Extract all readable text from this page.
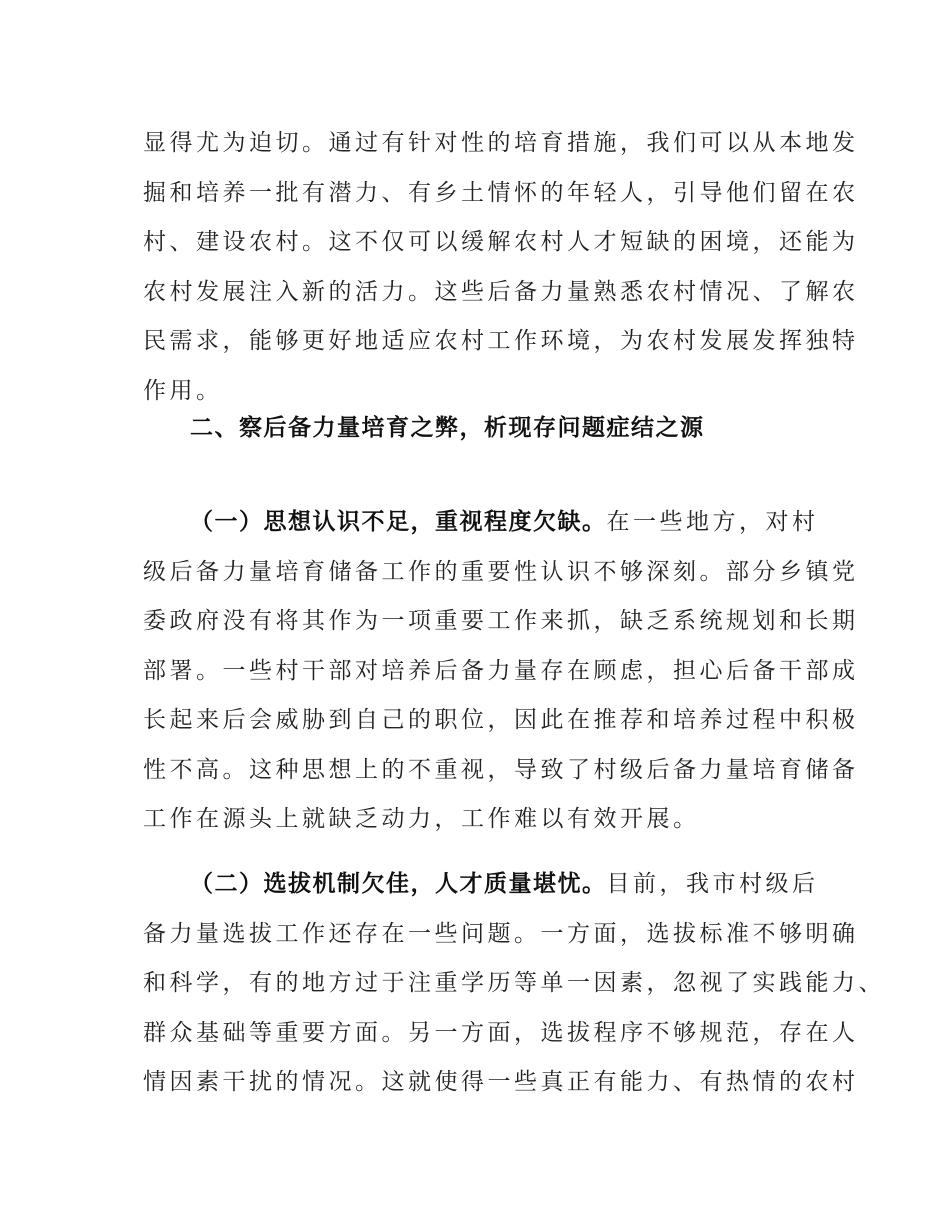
显得尤为迫切。通过有针对性的培育措施，我们可以从本地发
掘和培养一批有潜力、有乡土情怀的年轻人，引导他们留在农
村、建设农村。这不仅可以缓解农村人才短缺的困境，还能为
农村发展注入新的活力。这些后备力量熟悉农村情况、了解农
民需求，能够更好地适应农村工作环境，为农村发展发挥独特
作用。
二、察后备力量培育之弊，析现存问题症结之源
（一）思想认识不足，重视程度欠缺。在一些地方，对村
级后备力量培育储备工作的重要性认识不够深刻。部分乡镇党
委政府没有将其作为一项重要工作来抓，缺乏系统规划和长期
部署。一些村干部对培养后备力量存在顾虑，担心后备干部成
长起来后会威胁到自己的职位，因此在推荐和培养过程中积极
性不高。这种思想上的不重视，导致了村级后备力量培育储备
工作在源头上就缺乏动力，工作难以有效开展。
（二）选拔机制欠佳，人才质量堪忧。目前，我市村级后
备力量选拔工作还存在一些问题。一方面，选拔标准不够明确
和科学，有的地方过于注重学历等单一因素，忽视了实践能力、
群众基础等重要方面。另一方面，选拔程序不够规范，存在人
情因素干扰的情况。这就使得一些真正有能力、有热情的农村
